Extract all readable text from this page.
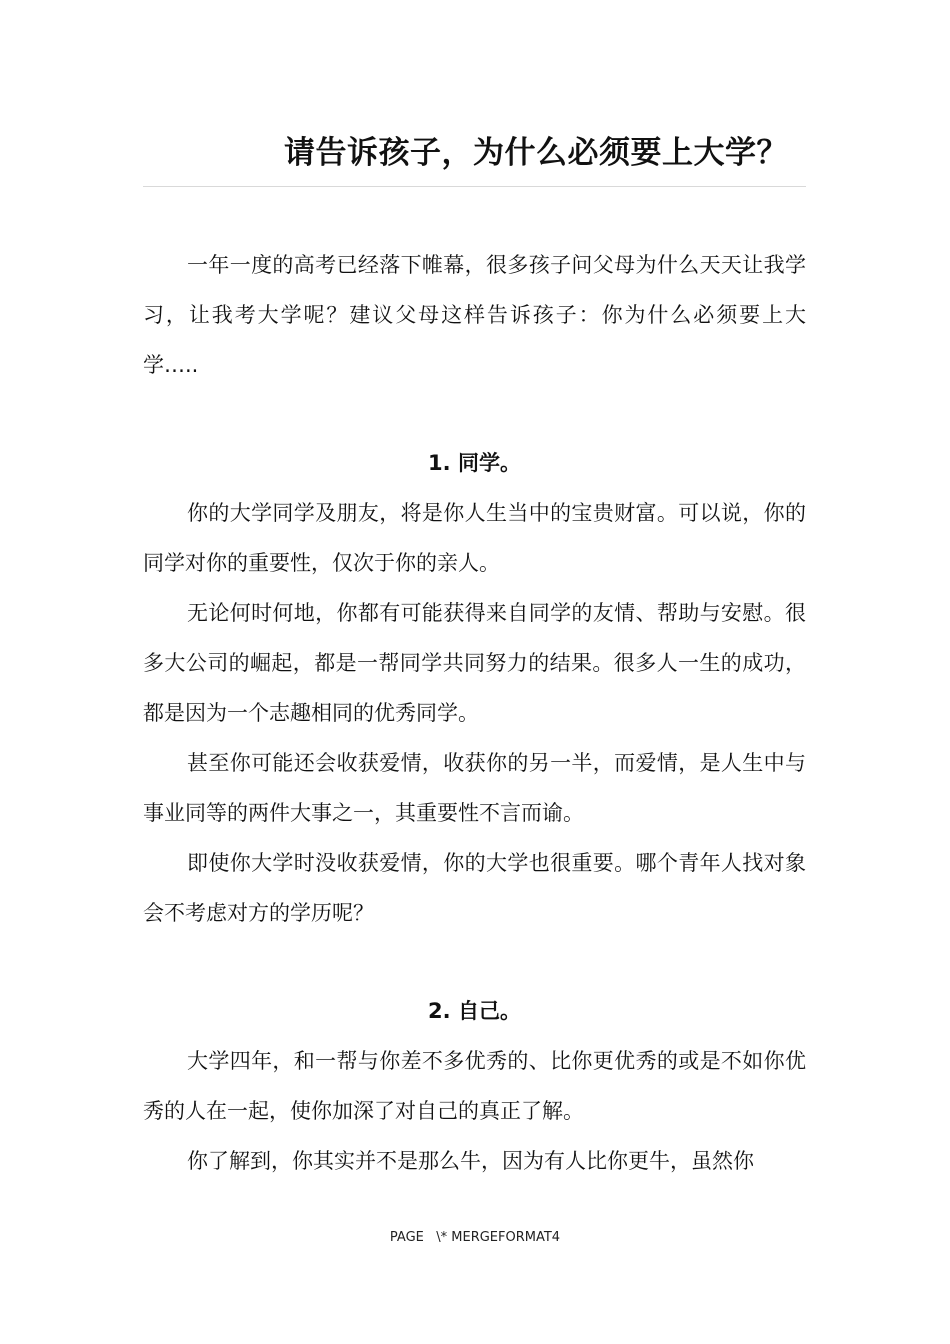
请告诉孩子，为什么必须要上大学？

一年一度的高考已经落下帷幕，很多孩子问父母为什么天天让我学习，让我考大学呢？建议父母这样告诉孩子：你为什么必须要上大学…..

1. 同学。

你的大学同学及朋友，将是你人生当中的宝贵财富。可以说，你的同学对你的重要性，仅次于你的亲人。

无论何时何地，你都有可能获得来自同学的友情、帮助与安慰。很多大公司的崛起，都是一帮同学共同努力的结果。很多人一生的成功，都是因为一个志趣相同的优秀同学。

甚至你可能还会收获爱情，收获你的另一半，而爱情，是人生中与事业同等的两件大事之一，其重要性不言而谕。

即使你大学时没收获爱情，你的大学也很重要。哪个青年人找对象会不考虑对方的学历呢？

2. 自己。

大学四年，和一帮与你差不多优秀的、比你更优秀的或是不如你优秀的人在一起，使你加深了对自己的真正了解。

你了解到，你其实并不是那么牛，因为有人比你更牛，虽然你

PAGE   \* MERGEFORMAT4
